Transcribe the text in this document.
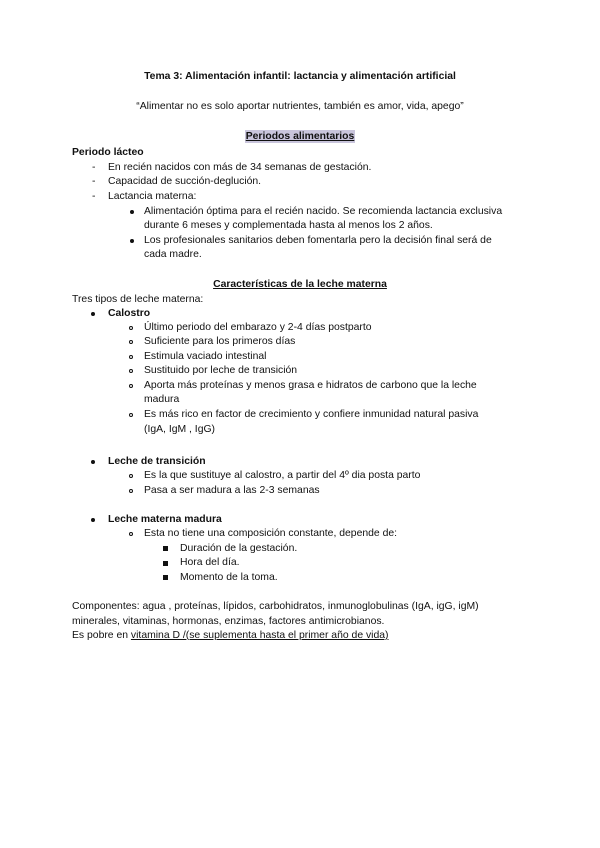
Tema 3: Alimentación infantil: lactancia y alimentación artificial
“Alimentar no es solo aportar nutrientes, también es amor, vida, apego”
Periodos alimentarios
Periodo lácteo
-	En recién nacidos con más de 34 semanas de gestación.
-	Capacidad de succión-deglución.
-	Lactancia materna:
Alimentación óptima para el recién nacido. Se recomienda lactancia exclusiva
durante 6 meses y complementada hasta al menos los 2 años.
Los profesionales sanitarios deben fomentarla pero la decisión final será de
cada madre.
Características de la leche materna
Tres tipos de leche materna:
Calostro
Último periodo del embarazo y 2-4 días postparto
Suficiente para los primeros días
Estimula vaciado intestinal
Sustituido por leche de transición
Aporta más proteínas y menos grasa e hidratos de carbono que la leche
madura
Es más rico en factor de crecimiento y confiere inmunidad natural pasiva
(IgA, IgM , IgG)
Leche de transición
Es la que sustituye al calostro, a partir del 4º dia posta parto
Pasa a ser madura a las 2-3 semanas
Leche materna madura
Esta no tiene una composición constante, depende de:
Duración de la gestación.
Hora del día.
Momento de la toma.
Componentes: agua , proteínas, lípidos, carbohidratos, inmunoglobulinas (IgA, igG, igM)
minerales, vitaminas, hormonas, enzimas, factores antimicrobianos.
Es pobre en vitamina D /(se suplementa hasta el primer año de vida)
